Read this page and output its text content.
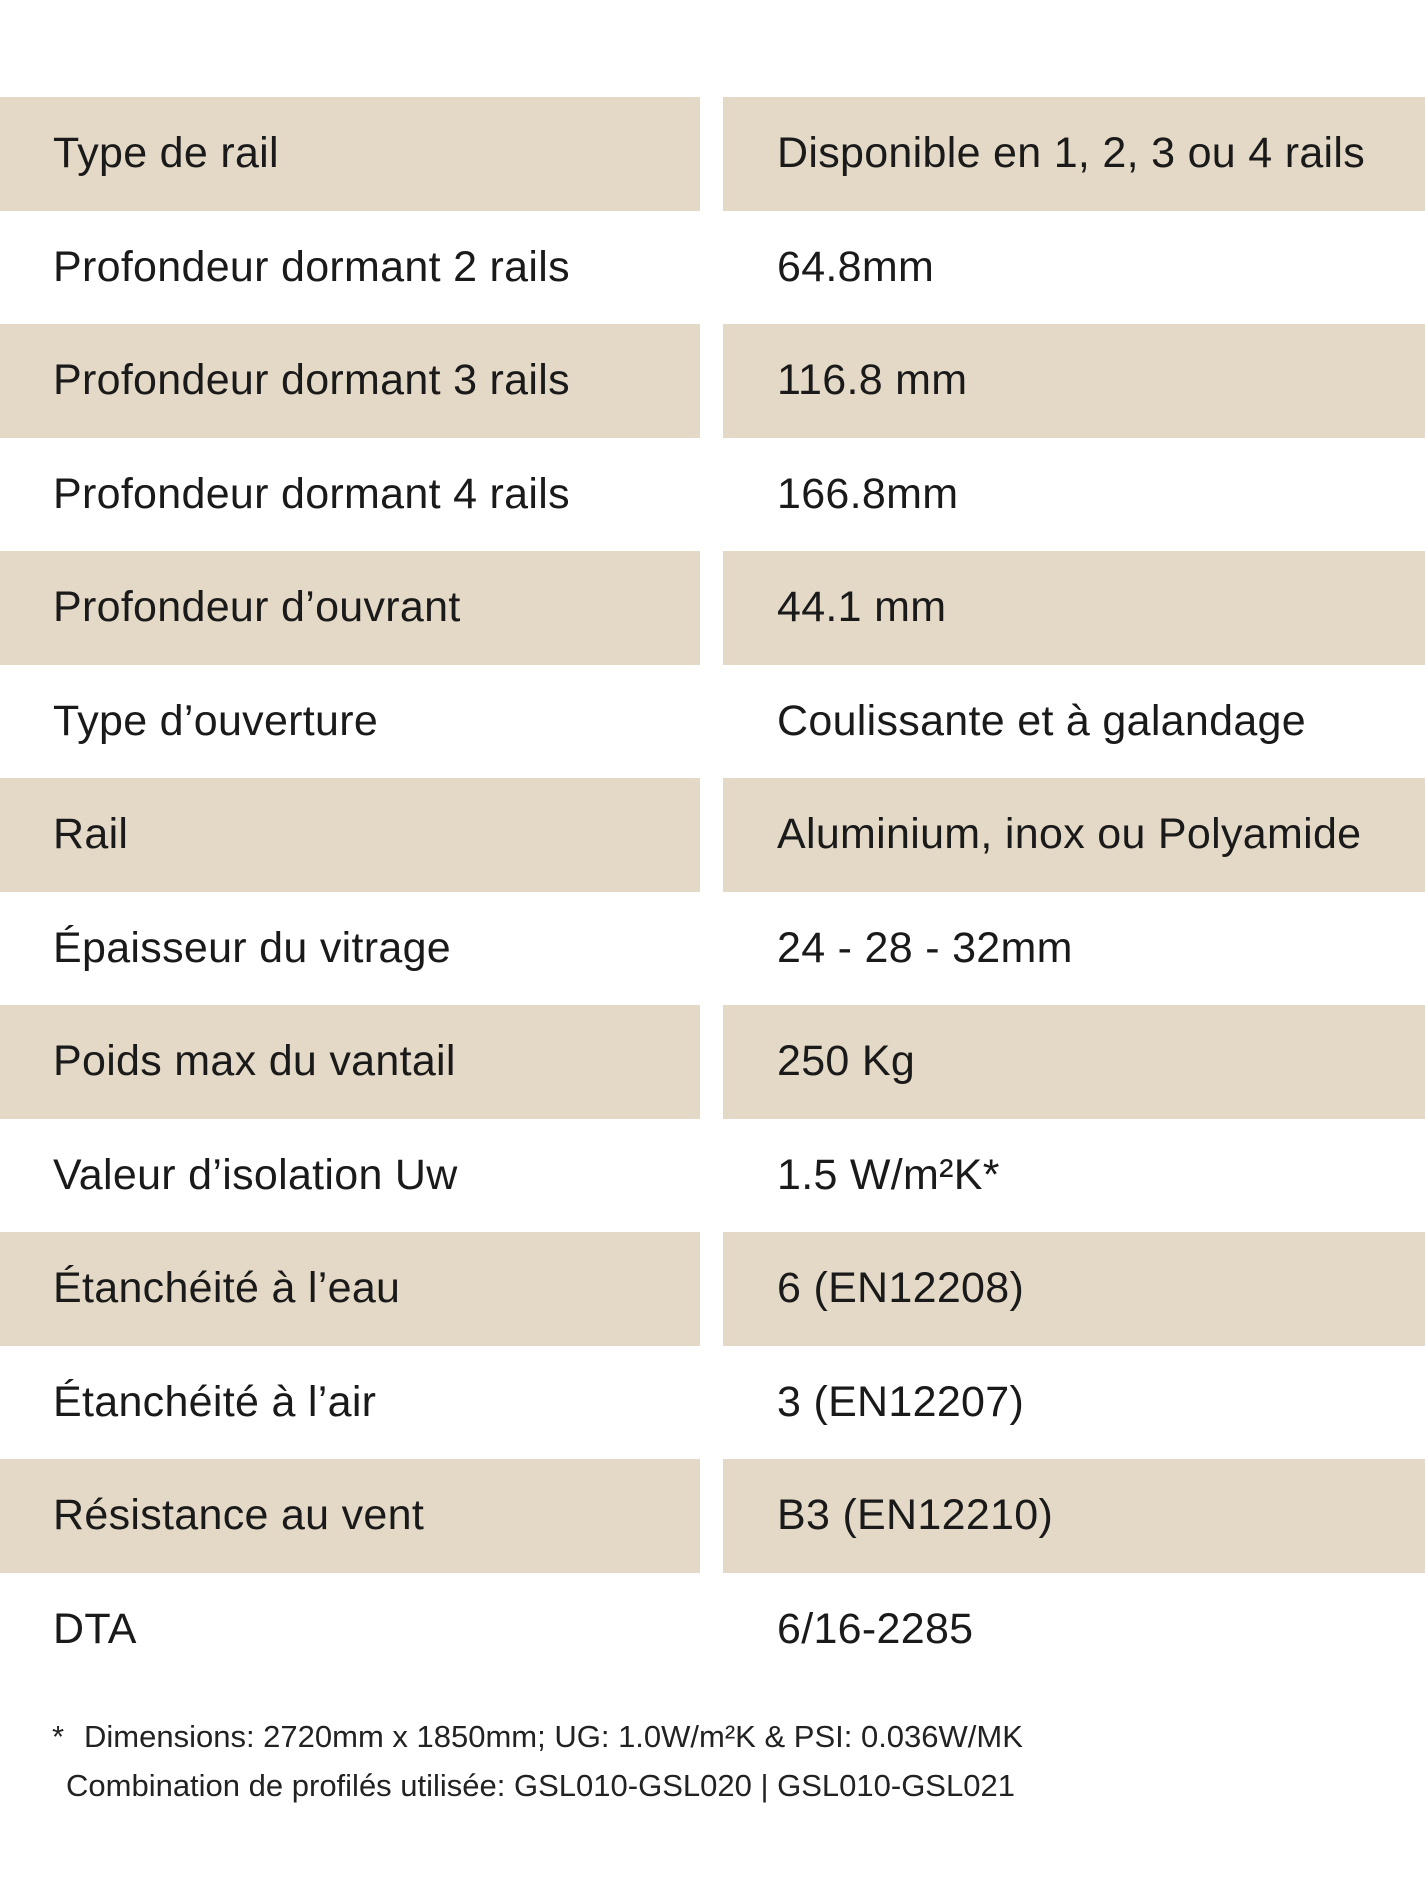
Type de rail	Disponible en 1, 2, 3 ou 4 rails
Profondeur dormant 2 rails	64.8mm
Profondeur dormant 3 rails	116.8 mm
Profondeur dormant 4 rails	166.8mm
Profondeur d’ouvrant	44.1 mm
Type d’ouverture	Coulissante et à galandage
Rail	Aluminium, inox ou Polyamide
Épaisseur du vitrage	24 - 28 - 32mm
Poids max du vantail	250 Kg
Valeur d’isolation Uw	1.5 W/m²K*
Étanchéité à l’eau	6 (EN12208)
Étanchéité à l’air	3 (EN12207)
Résistance au vent	B3 (EN12210)
DTA	6/16-2285
* Dimensions: 2720mm x 1850mm; UG: 1.0W/m²K & PSI: 0.036W/MK
Combination de profilés utilisée: GSL010-GSL020 | GSL010-GSL021
